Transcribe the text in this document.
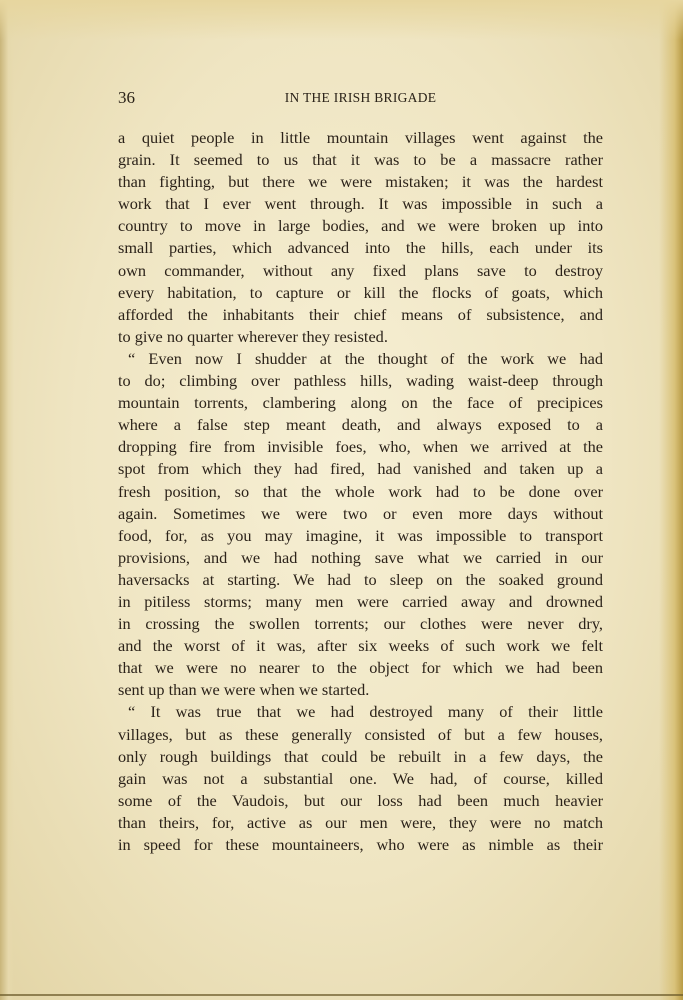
36	IN THE IRISH BRIGADE
a quiet people in little mountain villages went against the
grain. It seemed to us that it was to be a massacre rather
than fighting, but there we were mistaken; it was the hardest
work that I ever went through. It was impossible in such a
country to move in large bodies, and we were broken up into
small parties, which advanced into the hills, each under its
own commander, without any fixed plans save to destroy
every habitation, to capture or kill the flocks of goats, which
afforded the inhabitants their chief means of subsistence, and
to give no quarter wherever they resisted.
“ Even now I shudder at the thought of the work we had
to do; climbing over pathless hills, wading waist-deep through
mountain torrents, clambering along on the face of precipices
where a false step meant death, and always exposed to a
dropping fire from invisible foes, who, when we arrived at the
spot from which they had fired, had vanished and taken up a
fresh position, so that the whole work had to be done over
again. Sometimes we were two or even more days without
food, for, as you may imagine, it was impossible to transport
provisions, and we had nothing save what we carried in our
haversacks at starting. We had to sleep on the soaked ground
in pitiless storms; many men were carried away and drowned
in crossing the swollen torrents; our clothes were never dry,
and the worst of it was, after six weeks of such work we felt
that we were no nearer to the object for which we had been
sent up than we were when we started.
“ It was true that we had destroyed many of their little
villages, but as these generally consisted of but a few houses,
only rough buildings that could be rebuilt in a few days, the
gain was not a substantial one. We had, of course, killed
some of the Vaudois, but our loss had been much heavier
than theirs, for, active as our men were, they were no match
in speed for these mountaineers, who were as nimble as their
